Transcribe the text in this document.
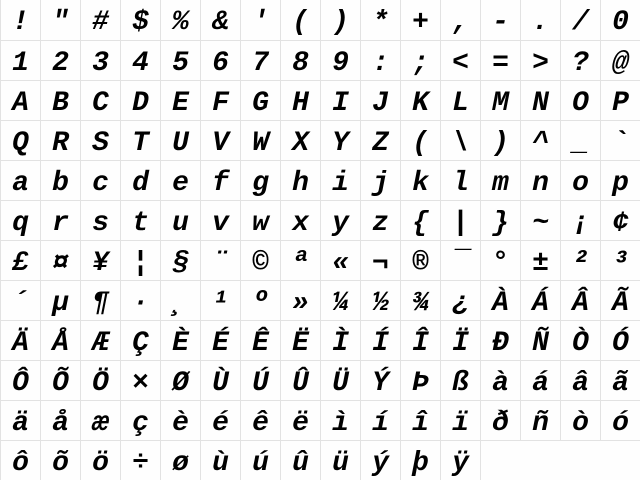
! " # $ % & ' ( ) * + , - . / 0
1 2 3 4 5 6 7 8 9 : ; < = > ? @
A B C D E F G H I J K L M N O P
Q R S T U V W X Y Z ( \ ) ^ _ `
a b c d e f g h i j k l m n o p
q r s t u v w x y z { | } ~ ¡ ¢
£ ¤ ¥ ¦ § ¨ © ª « ¬ ® ¯ ° ± ² ³
´ µ ¶ · ¸ ¹ º » ¼ ½ ¾ ¿ À Á Â Ã
Ä Å Æ Ç È É Ê Ë Ì Í Î Ï Ð Ñ Ò Ó
Ô Õ Ö × Ø Ù Ú Û Ü Ý Þ ß à á â ã
ä å æ ç è é ê ë ì í î ï ð ñ ò ó
ô õ ö ÷ ø ù ú û ü ý þ ÿ
